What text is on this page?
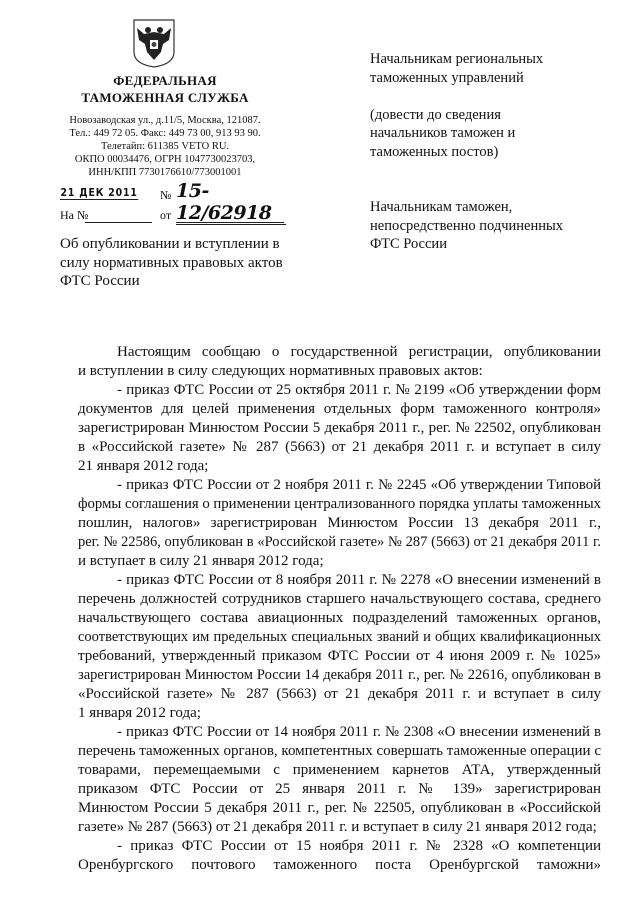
ФЕДЕРАЛЬНАЯ
ТАМОЖЕННАЯ СЛУЖБА
Новозаводская ул., д.11/5, Москва, 121087.
Тел.: 449 72 05. Факс: 449 73 00, 913 93 90.
Телетайп: 611385 VETO RU.
ОКПО 00034476, ОГРН 1047730023703,
ИНН/КПП 7730176610/773001001
21 ДЕК 2011 № 15-12/62918
На №	от
Об опубликовании и вступлении в
силу нормативных правовых актов
ФТС России
Начальникам региональных
таможенных управлений
(довести до сведения
начальников таможен и
таможенных постов)
Начальникам таможен,
непосредственно подчиненных
ФТС России
Настоящим сообщаю о государственной регистрации, опубликовании
и вступлении в силу следующих нормативных правовых актов:
- приказ ФТС России от 25 октября 2011 г. № 2199 «Об утверждении форм
документов для целей применения отдельных форм таможенного контроля»
зарегистрирован Минюстом России 5 декабря 2011 г., рег. № 22502, опубликован
в «Российской газете» № 287 (5663) от 21 декабря 2011 г. и вступает в силу
21 января 2012 года;
- приказ ФТС России от 2 ноября 2011 г. № 2245 «Об утверждении Типовой
формы соглашения о применении централизованного порядка уплаты таможенных
пошлин, налогов» зарегистрирован Минюстом России 13 декабря 2011 г.,
рег. № 22586, опубликован в «Российской газете» № 287 (5663) от 21 декабря 2011 г.
и вступает в силу 21 января 2012 года;
- приказ ФТС России от 8 ноября 2011 г. № 2278 «О внесении изменений в
перечень должностей сотрудников старшего начальствующего состава, среднего
начальствующего состава авиационных подразделений таможенных органов,
соответствующих им предельных специальных званий и общих квалификационных
требований, утвержденный приказом ФТС России от 4 июня 2009 г. № 1025»
зарегистрирован Минюстом России 14 декабря 2011 г., рег. № 22616, опубликован в
«Российской газете» № 287 (5663) от 21 декабря 2011 г. и вступает в силу
1 января 2012 года;
- приказ ФТС России от 14 ноября 2011 г. № 2308 «О внесении изменений в
перечень таможенных органов, компетентных совершать таможенные операции с
товарами, перемещаемыми с применением карнетов АТА, утвержденный
приказом ФТС России от 25 января 2011 г. № 139» зарегистрирован
Минюстом России 5 декабря 2011 г., рег. № 22505, опубликован в «Российской
газете» № 287 (5663) от 21 декабря 2011 г. и вступает в силу 21 января 2012 года;
- приказ ФТС России от 15 ноября 2011 г. № 2328 «О компетенции
Оренбургского почтового таможенного поста Оренбургской таможни»
